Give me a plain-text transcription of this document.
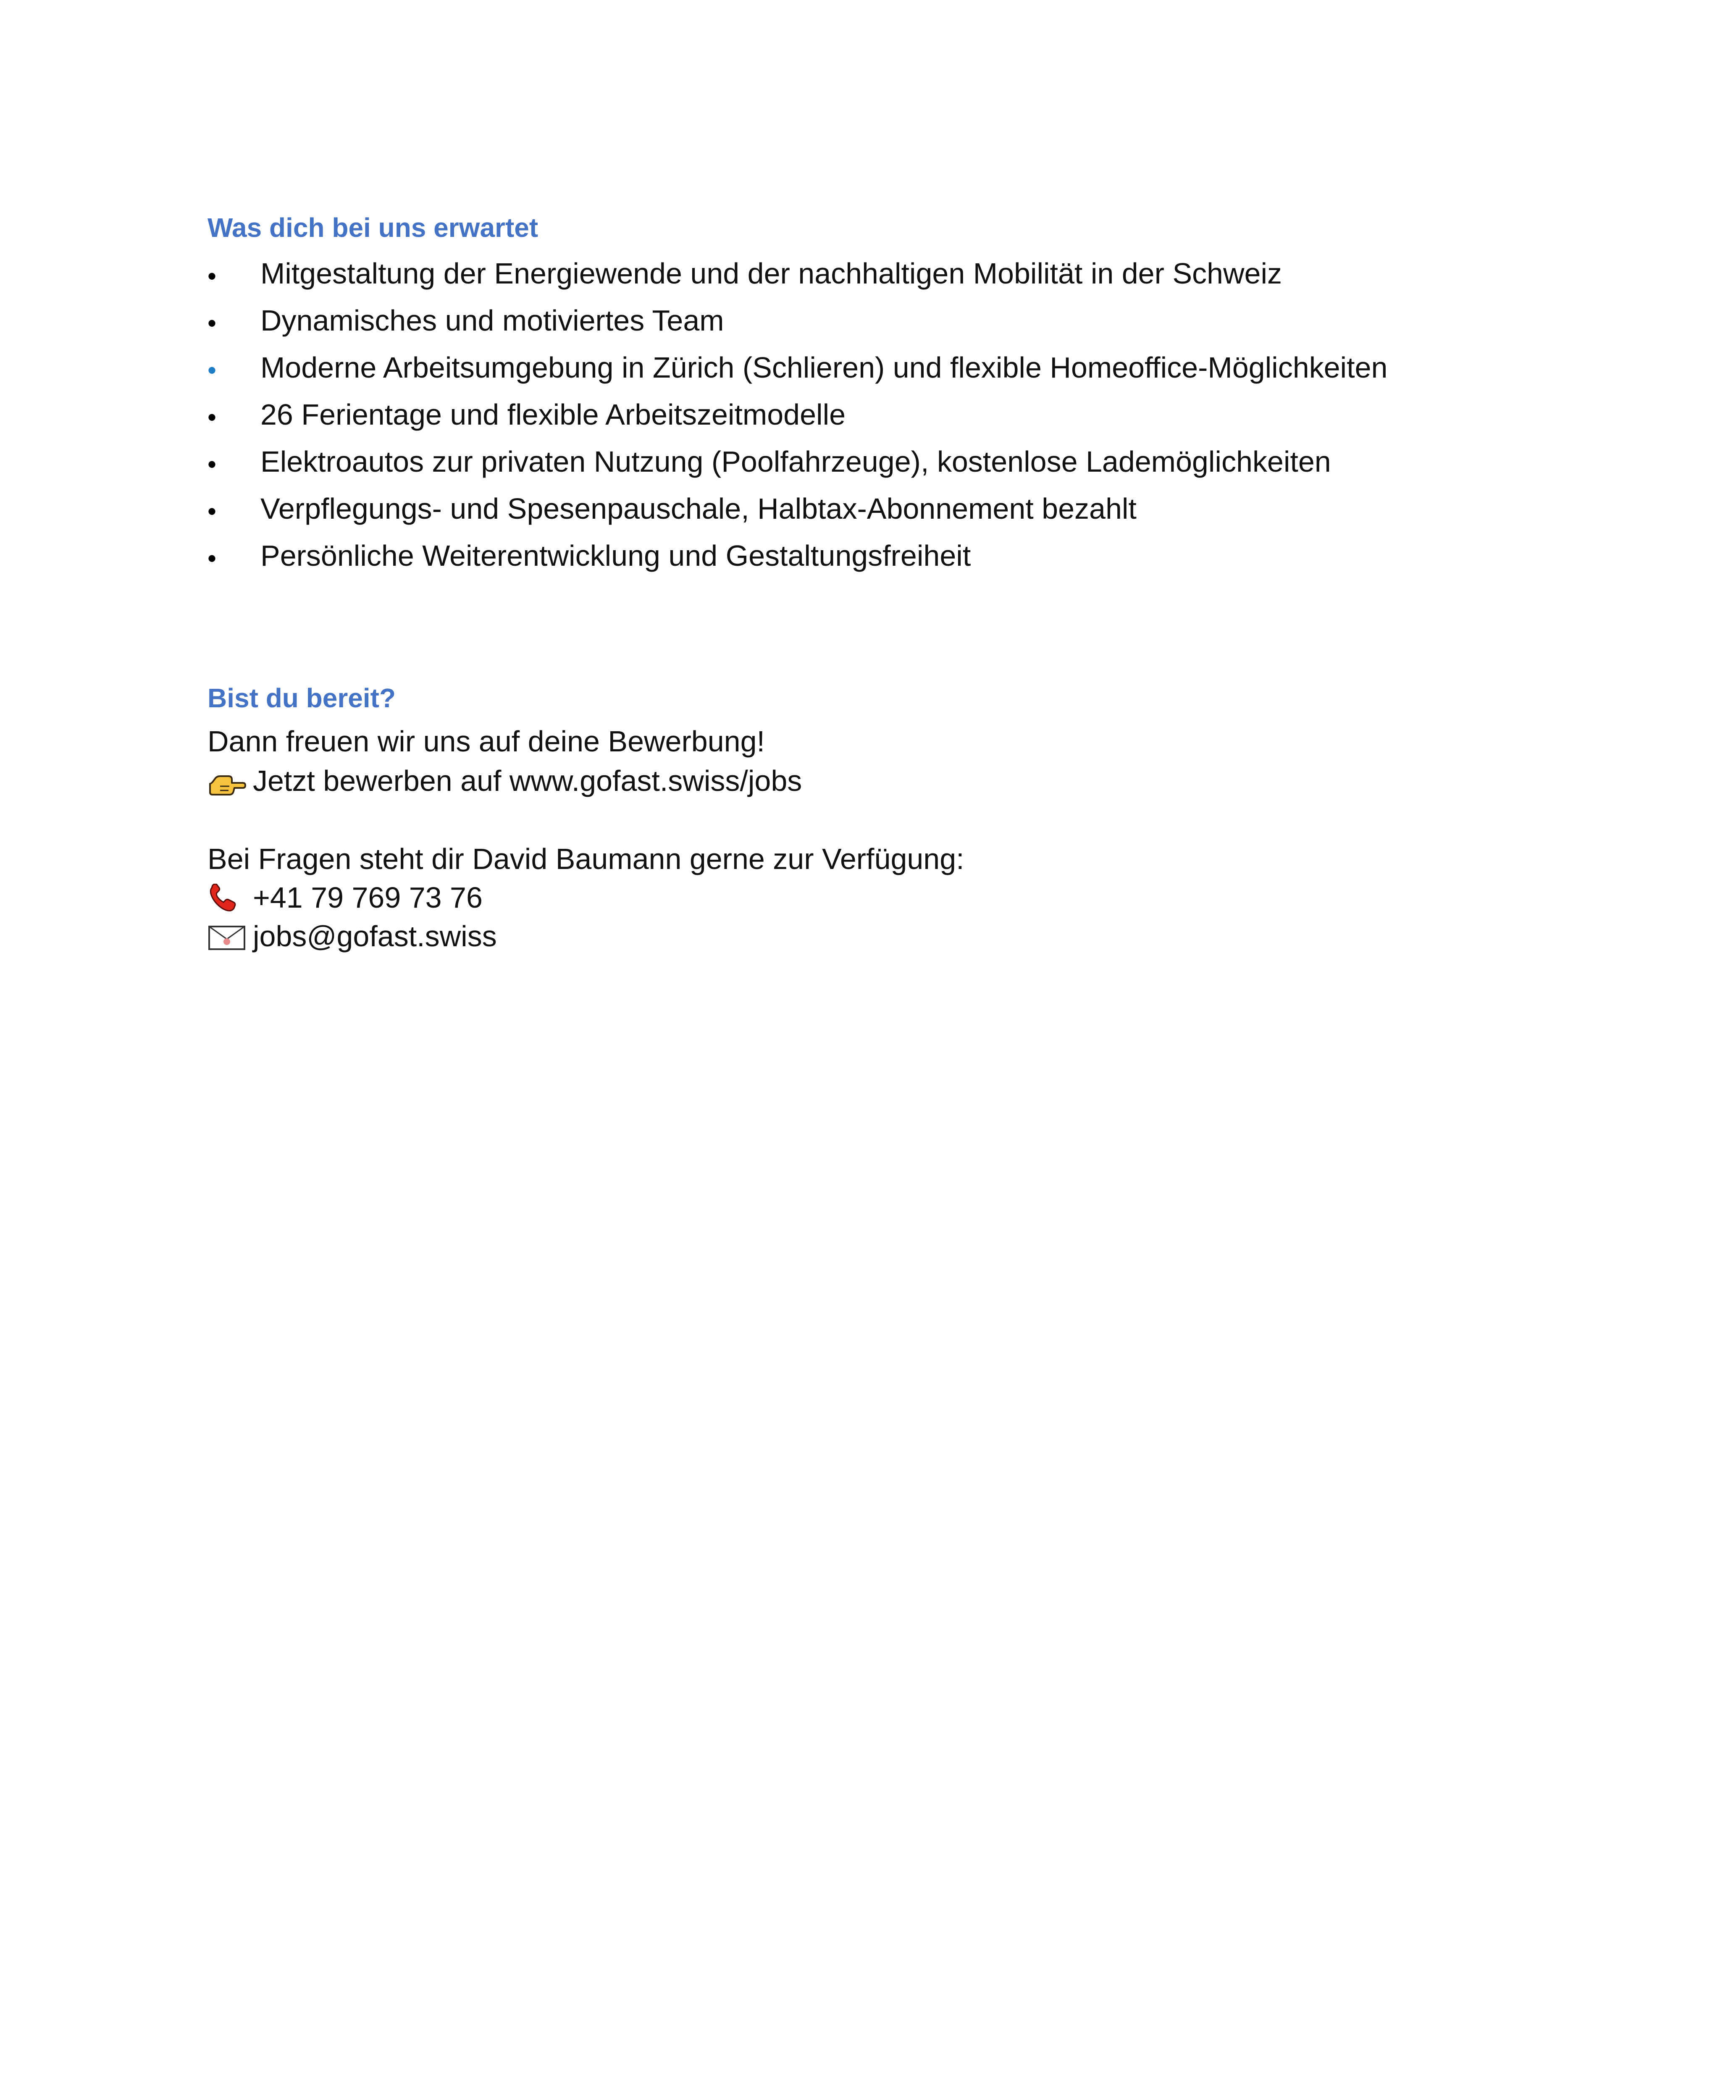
Was dich bei uns erwartet
• Mitgestaltung der Energiewende und der nachhaltigen Mobilität in der Schweiz
• Dynamisches und motiviertes Team
• Moderne Arbeitsumgebung in Zürich (Schlieren) und flexible Homeoffice-Möglichkeiten
• 26 Ferientage und flexible Arbeitszeitmodelle
• Elektroautos zur privaten Nutzung (Poolfahrzeuge), kostenlose Lademöglichkeiten
• Verpflegungs- und Spesenpauschale, Halbtax-Abonnement bezahlt
• Persönliche Weiterentwicklung und Gestaltungsfreiheit
Bist du bereit?
Dann freuen wir uns auf deine Bewerbung!
Jetzt bewerben auf www.gofast.swiss/jobs
Bei Fragen steht dir David Baumann gerne zur Verfügung:
+41 79 769 73 76
jobs@gofast.swiss
